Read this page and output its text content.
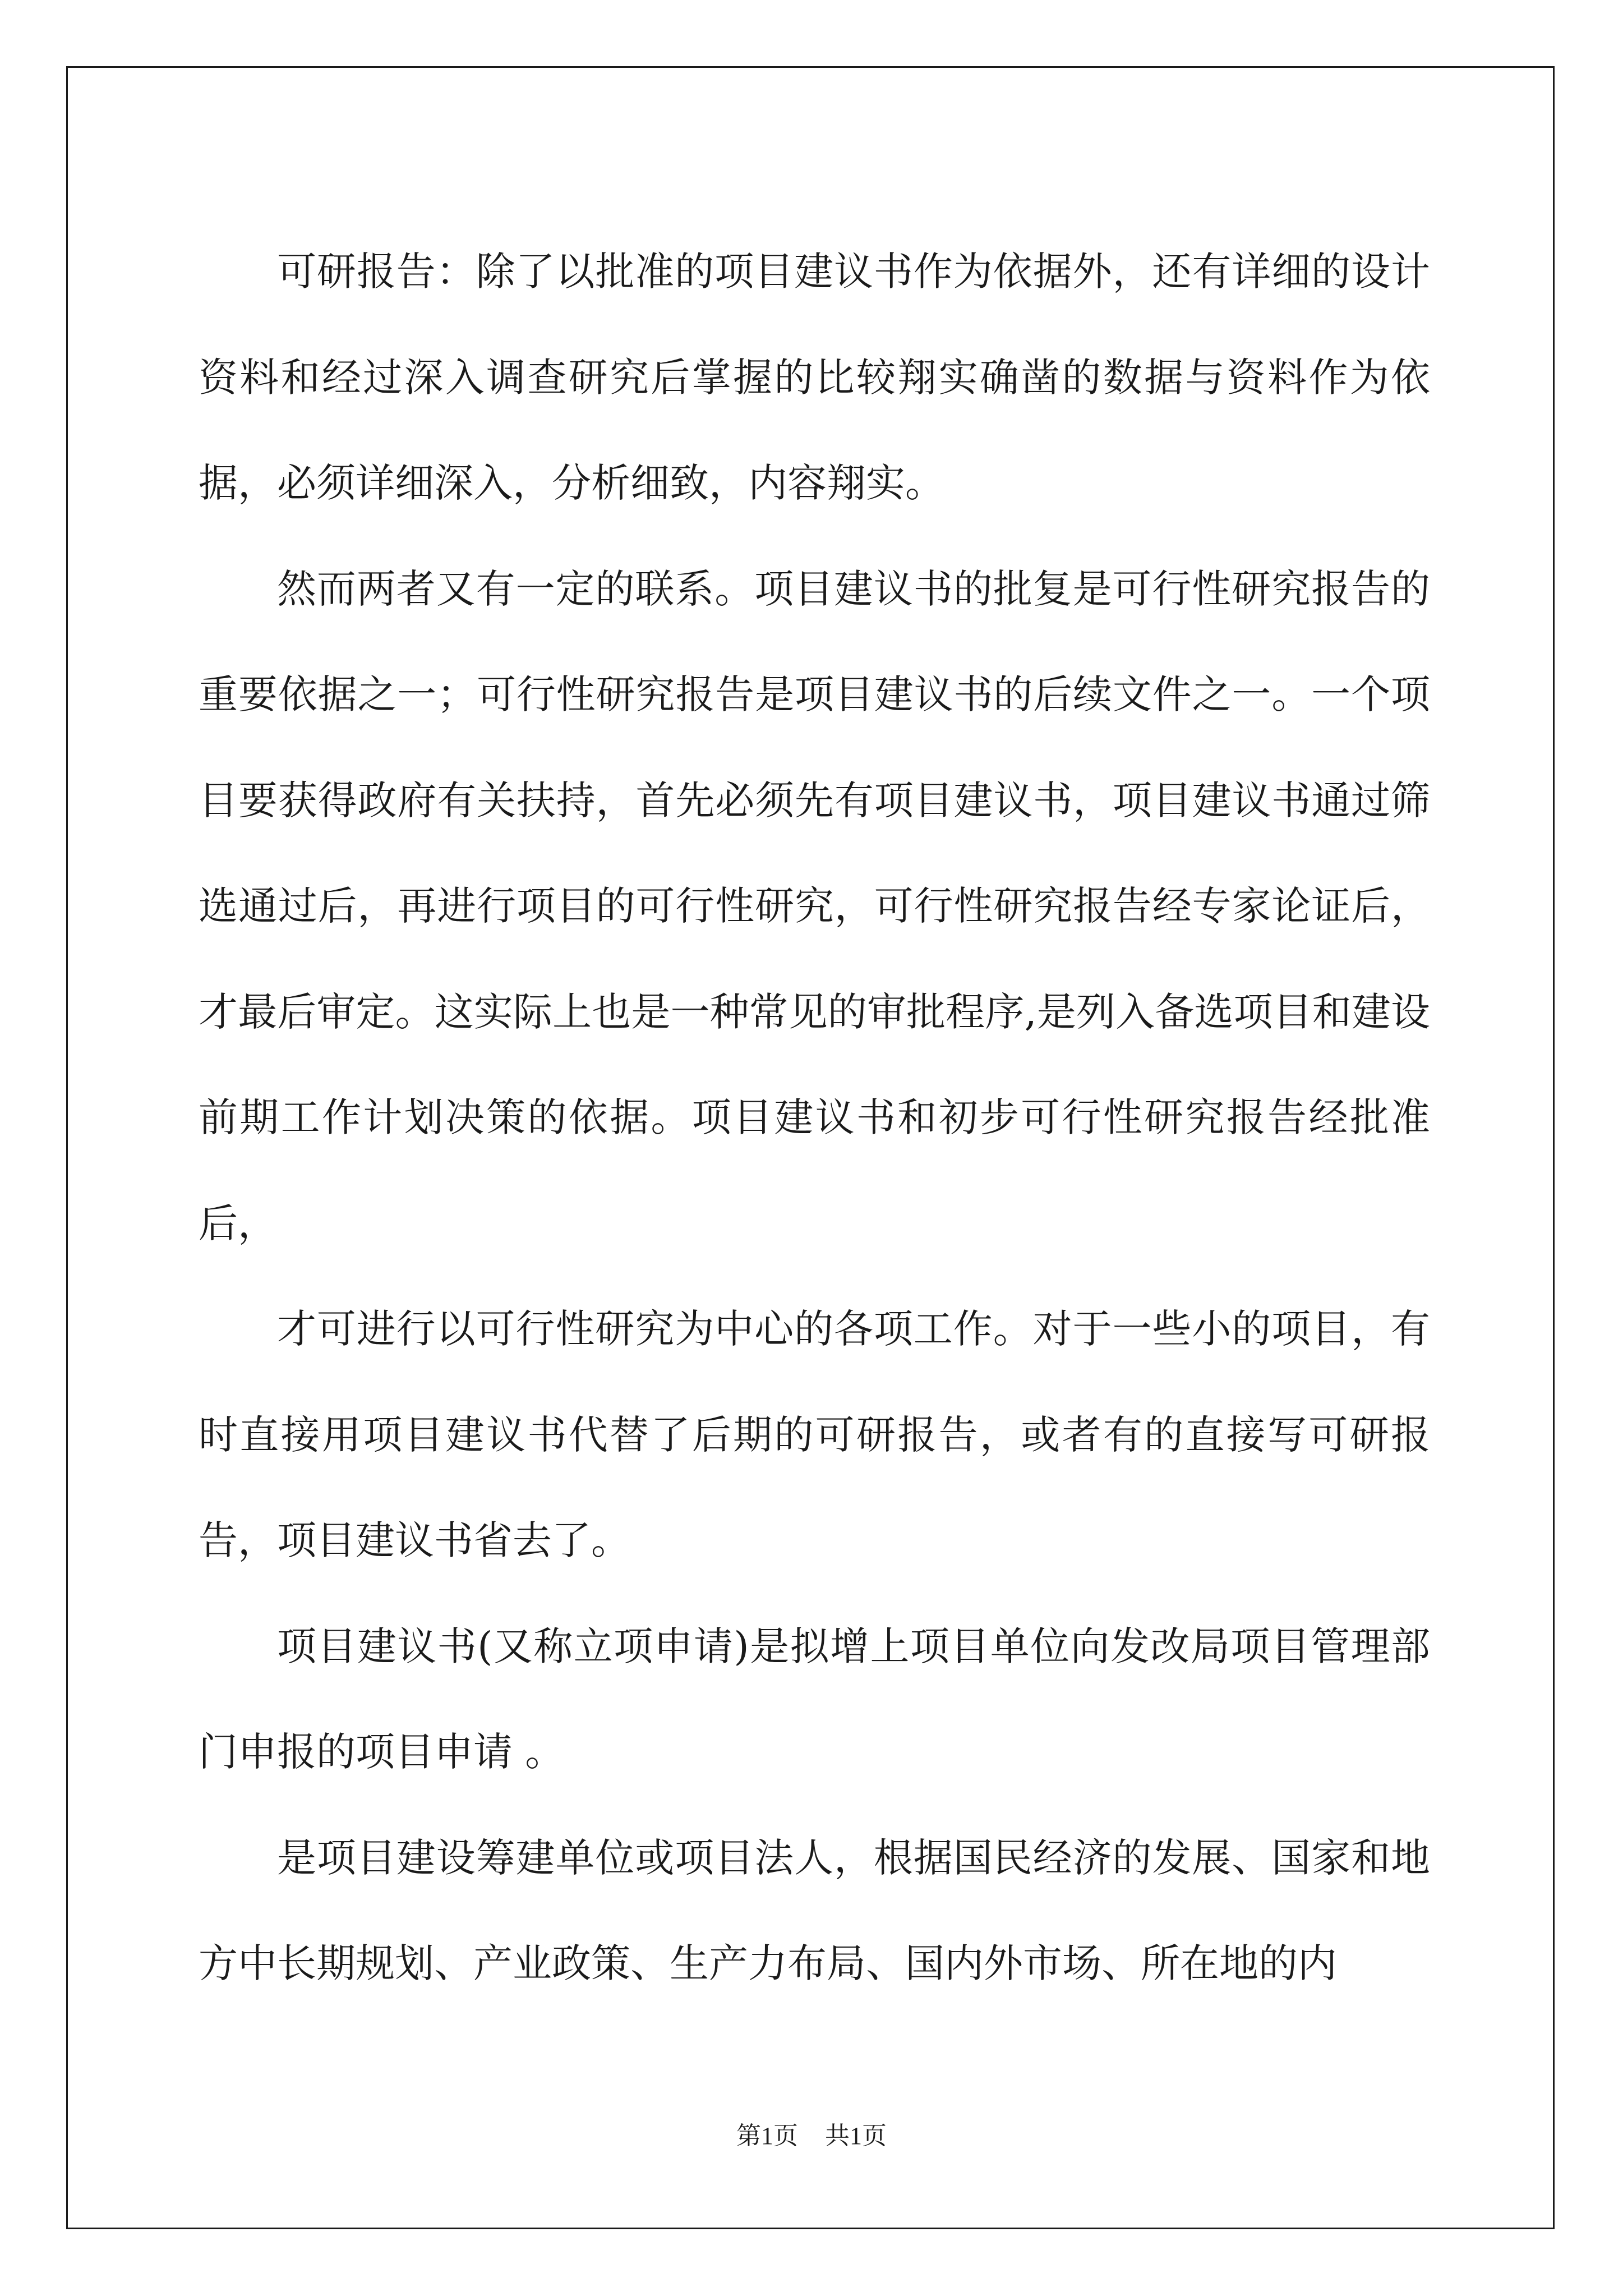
可研报告：除了以批准的项目建议书作为依据外，还有详细的设计资料和经过深入调查研究后掌握的比较翔实确凿的数据与资料作为依据，必须详细深入，分析细致，内容翔实。

然而两者又有一定的联系。项目建议书的批复是可行性研究报告的重要依据之一；可行性研究报告是项目建议书的后续文件之一。一个项目要获得政府有关扶持，首先必须先有项目建议书，项目建议书通过筛选通过后，再进行项目的可行性研究，可行性研究报告经专家论证后，才最后审定。这实际上也是一种常见的审批程序,是列入备选项目和建设前期工作计划决策的依据。项目建议书和初步可行性研究报告经批准后，

才可进行以可行性研究为中心的各项工作。对于一些小的项目，有时直接用项目建议书代替了后期的可研报告，或者有的直接写可研报告，项目建议书省去了。

项目建议书(又称立项申请)是拟增上项目单位向发改局项目管理部门申报的项目申请 。

是项目建设筹建单位或项目法人，根据国民经济的发展、国家和地方中长期规划、产业政策、生产力布局、国内外市场、所在地的内

第1页 共1页
